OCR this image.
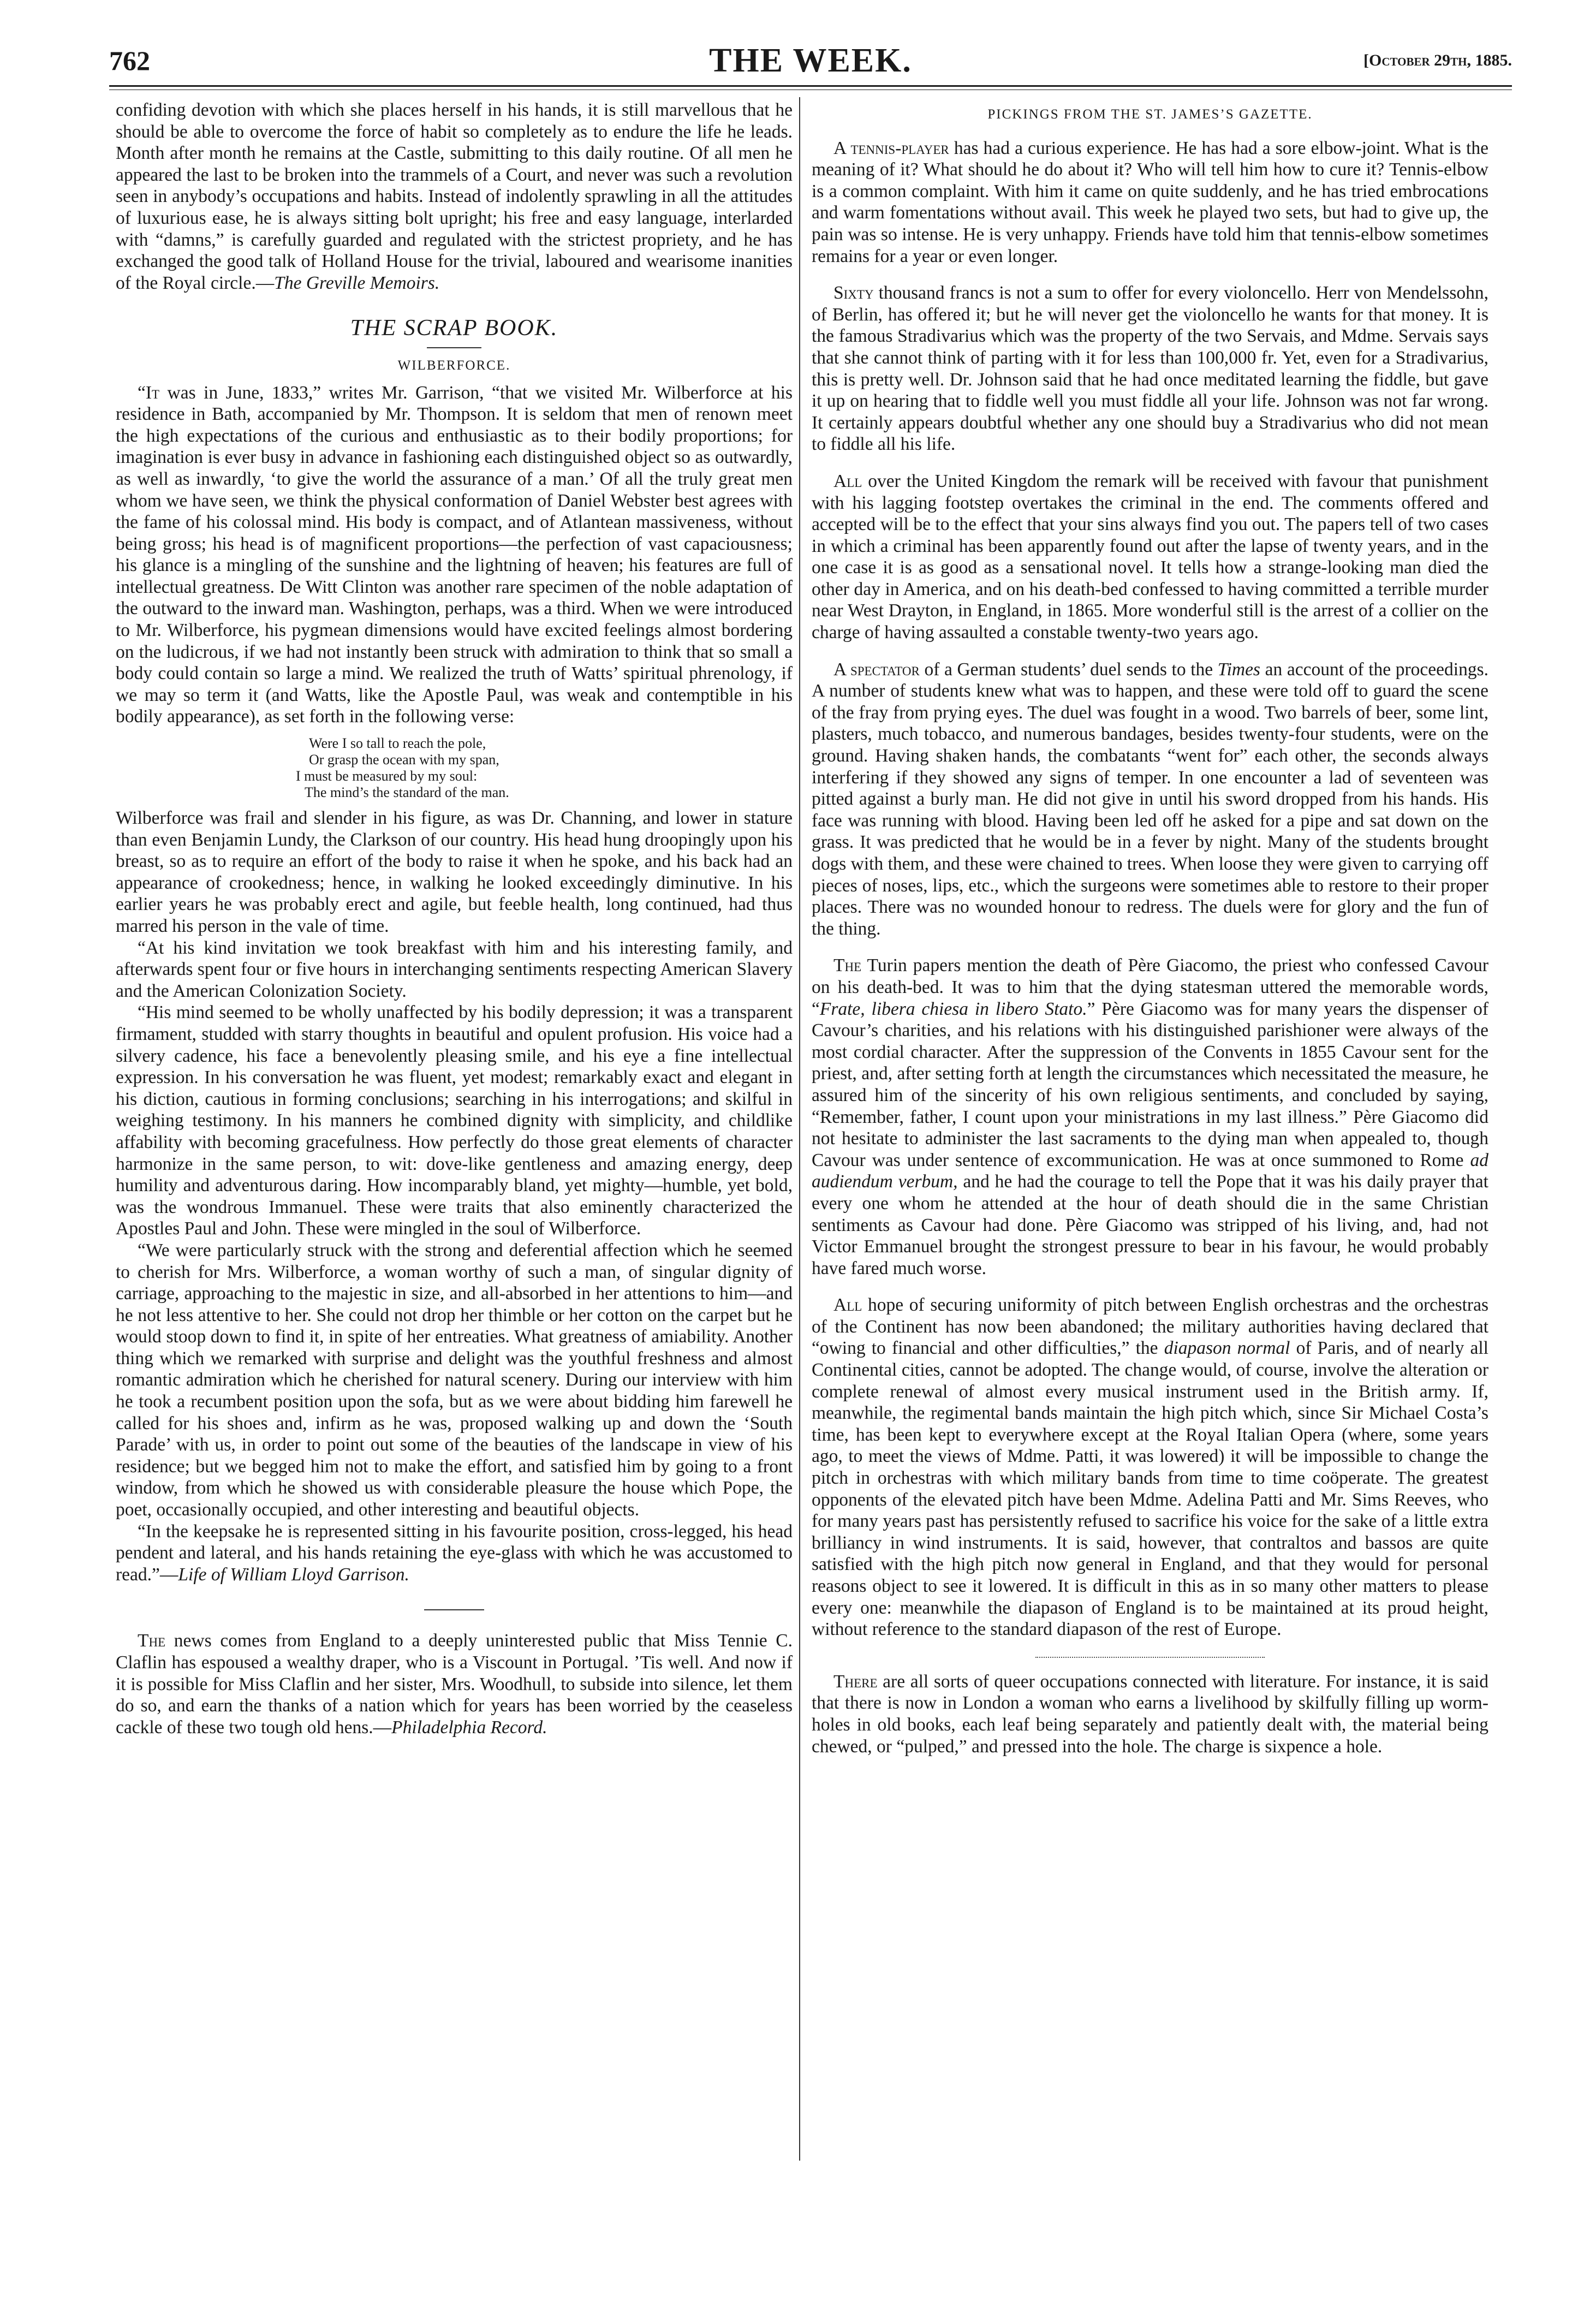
762	THE WEEK.	[October 29th, 1885.

confiding devotion with which she places herself in his hands, it is still marvellous that he should be able to overcome the force of habit so completely as to endure the life he leads. Month after month he remains at the Castle, submitting to this daily routine. Of all men he appeared the last to be broken into the trammels of a Court, and never was such a revolution seen in anybody’s occupations and habits. Instead of indolently sprawling in all the attitudes of luxurious ease, he is always sitting bolt upright; his free and easy language, interlarded with “damns,” is carefully guarded and regulated with the strictest propriety, and he has exchanged the good talk of Holland House for the trivial, laboured and wearisome inanities of the Royal circle.—The Greville Memoirs.

THE SCRAP BOOK.
WILBERFORCE.

“It was in June, 1833,” writes Mr. Garrison, “that we visited Mr. Wilberforce at his residence in Bath, accompanied by Mr. Thompson. It is seldom that men of renown meet the high expectations of the curious and enthusiastic as to their bodily proportions; for imagination is ever busy in advance in fashioning each distinguished object so as outwardly, as well as inwardly, ‘to give the world the assurance of a man.’ Of all the truly great men whom we have seen, we think the physical conformation of Daniel Webster best agrees with the fame of his colossal mind. His body is compact, and of Atlantean massiveness, without being gross; his head is of magnificent proportions—the perfection of vast capaciousness; his glance is a mingling of the sunshine and the lightning of heaven; his features are full of intellectual greatness. De Witt Clinton was another rare specimen of the noble adaptation of the outward to the inward man. Washington, perhaps, was a third. When we were introduced to Mr. Wilberforce, his pygmean dimensions would have excited feelings almost bordering on the ludicrous, if we had not instantly been struck with admiration to think that so small a body could contain so large a mind. We realized the truth of Watts’ spiritual phrenology, if we may so term it (and Watts, like the Apostle Paul, was weak and contemptible in his bodily appearance), as set forth in the following verse:

Were I so tall to reach the pole,
Or grasp the ocean with my span,
I must be measured by my soul:
The mind’s the standard of the man.

Wilberforce was frail and slender in his figure, as was Dr. Channing, and lower in stature than even Benjamin Lundy, the Clarkson of our country. His head hung droopingly upon his breast, so as to require an effort of the body to raise it when he spoke, and his back had an appearance of crookedness; hence, in walking he looked exceedingly diminutive. In his earlier years he was probably erect and agile, but feeble health, long continued, had thus marred his person in the vale of time.

“At his kind invitation we took breakfast with him and his interesting family, and afterwards spent four or five hours in interchanging sentiments respecting American Slavery and the American Colonization Society.

“His mind seemed to be wholly unaffected by his bodily depression; it was a transparent firmament, studded with starry thoughts in beautiful and opulent profusion. His voice had a silvery cadence, his face a benevolently pleasing smile, and his eye a fine intellectual expression. In his conversation he was fluent, yet modest; remarkably exact and elegant in his diction, cautious in forming conclusions; searching in his interrogations; and skilful in weighing testimony. In his manners he combined dignity with simplicity, and childlike affability with becoming gracefulness. How perfectly do those great elements of character harmonize in the same person, to wit: dove-like gentleness and amazing energy, deep humility and adventurous daring. How incomparably bland, yet mighty—humble, yet bold, was the wondrous Immanuel. These were traits that also eminently characterized the Apostles Paul and John. These were mingled in the soul of Wilberforce.

“We were particularly struck with the strong and deferential affection which he seemed to cherish for Mrs. Wilberforce, a woman worthy of such a man, of singular dignity of carriage, approaching to the majestic in size, and all-absorbed in her attentions to him—and he not less attentive to her. She could not drop her thimble or her cotton on the carpet but he would stoop down to find it, in spite of her entreaties. What greatness of amiability. Another thing which we remarked with surprise and delight was the youthful freshness and almost romantic admiration which he cherished for natural scenery. During our interview with him he took a recumbent position upon the sofa, but as we were about bidding him farewell he called for his shoes and, infirm as he was, proposed walking up and down the ‘South Parade’ with us, in order to point out some of the beauties of the landscape in view of his residence; but we begged him not to make the effort, and satisfied him by going to a front window, from which he showed us with considerable pleasure the house which Pope, the poet, occasionally occupied, and other interesting and beautiful objects.

“In the keepsake he is represented sitting in his favourite position, cross-legged, his head pendent and lateral, and his hands retaining the eye-glass with which he was accustomed to read.”—Life of William Lloyd Garrison.

The news comes from England to a deeply uninterested public that Miss Tennie C. Claflin has espoused a wealthy draper, who is a Viscount in Portugal. ’Tis well. And now if it is possible for Miss Claflin and her sister, Mrs. Woodhull, to subside into silence, let them do so, and earn the thanks of a nation which for years has been worried by the ceaseless cackle of these two tough old hens.—Philadelphia Record.

PICKINGS FROM THE ST. JAMES’S GAZETTE.

A tennis-player has had a curious experience. He has had a sore elbow-joint. What is the meaning of it? What should he do about it? Who will tell him how to cure it? Tennis-elbow is a common complaint. With him it came on quite suddenly, and he has tried embrocations and warm fomentations without avail. This week he played two sets, but had to give up, the pain was so intense. He is very unhappy. Friends have told him that tennis-elbow sometimes remains for a year or even longer.

Sixty thousand francs is not a sum to offer for every violoncello. Herr von Mendelssohn, of Berlin, has offered it; but he will never get the violoncello he wants for that money. It is the famous Stradivarius which was the property of the two Servais, and Mdme. Servais says that she cannot think of parting with it for less than 100,000 fr. Yet, even for a Stradivarius, this is pretty well. Dr. Johnson said that he had once meditated learning the fiddle, but gave it up on hearing that to fiddle well you must fiddle all your life. Johnson was not far wrong. It certainly appears doubtful whether any one should buy a Stradivarius who did not mean to fiddle all his life.

All over the United Kingdom the remark will be received with favour that punishment with his lagging footstep overtakes the criminal in the end. The comments offered and accepted will be to the effect that your sins always find you out. The papers tell of two cases in which a criminal has been apparently found out after the lapse of twenty years, and in the one case it is as good as a sensational novel. It tells how a strange-looking man died the other day in America, and on his death-bed confessed to having committed a terrible murder near West Drayton, in England, in 1865. More wonderful still is the arrest of a collier on the charge of having assaulted a constable twenty-two years ago.

A spectator of a German students’ duel sends to the Times an account of the proceedings. A number of students knew what was to happen, and these were told off to guard the scene of the fray from prying eyes. The duel was fought in a wood. Two barrels of beer, some lint, plasters, much tobacco, and numerous bandages, besides twenty-four students, were on the ground. Having shaken hands, the combatants “went for” each other, the seconds always interfering if they showed any signs of temper. In one encounter a lad of seventeen was pitted against a burly man. He did not give in until his sword dropped from his hands. His face was running with blood. Having been led off he asked for a pipe and sat down on the grass. It was predicted that he would be in a fever by night. Many of the students brought dogs with them, and these were chained to trees. When loose they were given to carrying off pieces of noses, lips, etc., which the surgeons were sometimes able to restore to their proper places. There was no wounded honour to redress. The duels were for glory and the fun of the thing.

The Turin papers mention the death of Père Giacomo, the priest who confessed Cavour on his death-bed. It was to him that the dying statesman uttered the memorable words, “Frate, libera chiesa in libero Stato.” Père Giacomo was for many years the dispenser of Cavour’s charities, and his relations with his distinguished parishioner were always of the most cordial character. After the suppression of the Convents in 1855 Cavour sent for the priest, and, after setting forth at length the circumstances which necessitated the measure, he assured him of the sincerity of his own religious sentiments, and concluded by saying, “Remember, father, I count upon your ministrations in my last illness.” Père Giacomo did not hesitate to administer the last sacraments to the dying man when appealed to, though Cavour was under sentence of excommunication. He was at once summoned to Rome ad audiendum verbum, and he had the courage to tell the Pope that it was his daily prayer that every one whom he attended at the hour of death should die in the same Christian sentiments as Cavour had done. Père Giacomo was stripped of his living, and, had not Victor Emmanuel brought the strongest pressure to bear in his favour, he would probably have fared much worse.

All hope of securing uniformity of pitch between English orchestras and the orchestras of the Continent has now been abandoned; the military authorities having declared that “owing to financial and other difficulties,” the diapason normal of Paris, and of nearly all Continental cities, cannot be adopted. The change would, of course, involve the alteration or complete renewal of almost every musical instrument used in the British army. If, meanwhile, the regimental bands maintain the high pitch which, since Sir Michael Costa’s time, has been kept to everywhere except at the Royal Italian Opera (where, some years ago, to meet the views of Mdme. Patti, it was lowered) it will be impossible to change the pitch in orchestras with which military bands from time to time coöperate. The greatest opponents of the elevated pitch have been Mdme. Adelina Patti and Mr. Sims Reeves, who for many years past has persistently refused to sacrifice his voice for the sake of a little extra brilliancy in wind instruments. It is said, however, that contraltos and bassos are quite satisfied with the high pitch now general in England, and that they would for personal reasons object to see it lowered. It is difficult in this as in so many other matters to please every one: meanwhile the diapason of England is to be maintained at its proud height, without reference to the standard diapason of the rest of Europe.

There are all sorts of queer occupations connected with literature. For instance, it is said that there is now in London a woman who earns a livelihood by skilfully filling up worm-holes in old books, each leaf being separately and patiently dealt with, the material being chewed, or “pulped,” and pressed into the hole. The charge is sixpence a hole.
